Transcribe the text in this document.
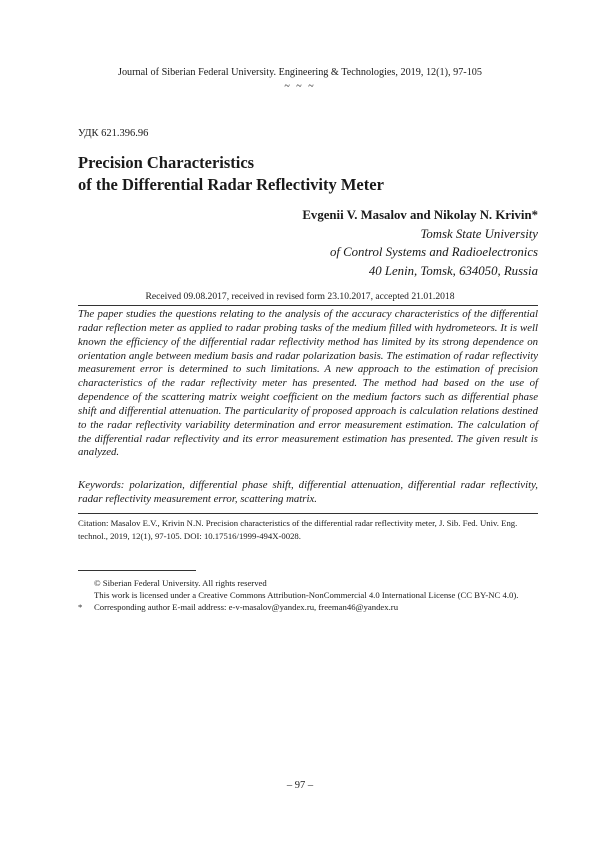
Journal of Siberian Federal University. Engineering & Technologies, 2019, 12(1), 97-105
~ ~ ~
УДК 621.396.96
Precision Characteristics
of the Differential Radar Reflectivity Meter
Evgenii V. Masalov and Nikolay N. Krivin*
Tomsk State University
of Control Systems and Radioelectronics
40 Lenin, Tomsk, 634050, Russia
Received 09.08.2017, received in revised form 23.10.2017, accepted 21.01.2018

The paper studies the questions relating to the analysis of the accuracy characteristics of the differential radar reflection meter as applied to radar probing tasks of the medium filled with hydrometeors. It is well known the efficiency of the differential radar reflectivity method has limited by its strong dependence on orientation angle between medium basis and radar polarization basis. The estimation of radar reflectivity measurement error is determined to such limitations. A new approach to the estimation of precision characteristics of the radar reflectivity meter has presented. The method had based on the use of dependence of the scattering matrix weight coefficient on the medium factors such as differential phase shift and differential attenuation. The particularity of proposed approach is calculation relations destined to the radar reflectivity variability determination and error measurement estimation. The calculation of the differential radar reflectivity and its error measurement estimation has presented. The given result is analyzed.

Keywords: polarization, differential phase shift, differential attenuation, differential radar reflectivity, radar reflectivity measurement error, scattering matrix.

Citation: Masalov E.V., Krivin N.N. Precision characteristics of the differential radar reflectivity meter, J. Sib. Fed. Univ. Eng. technol., 2019, 12(1), 97-105. DOI: 10.17516/1999-494X-0028.

© Siberian Federal University. All rights reserved
This work is licensed under a Creative Commons Attribution-NonCommercial 4.0 International License (CC BY-NC 4.0).
* Corresponding author E-mail address: e-v-masalov@yandex.ru, freeman46@yandex.ru
– 97 –
